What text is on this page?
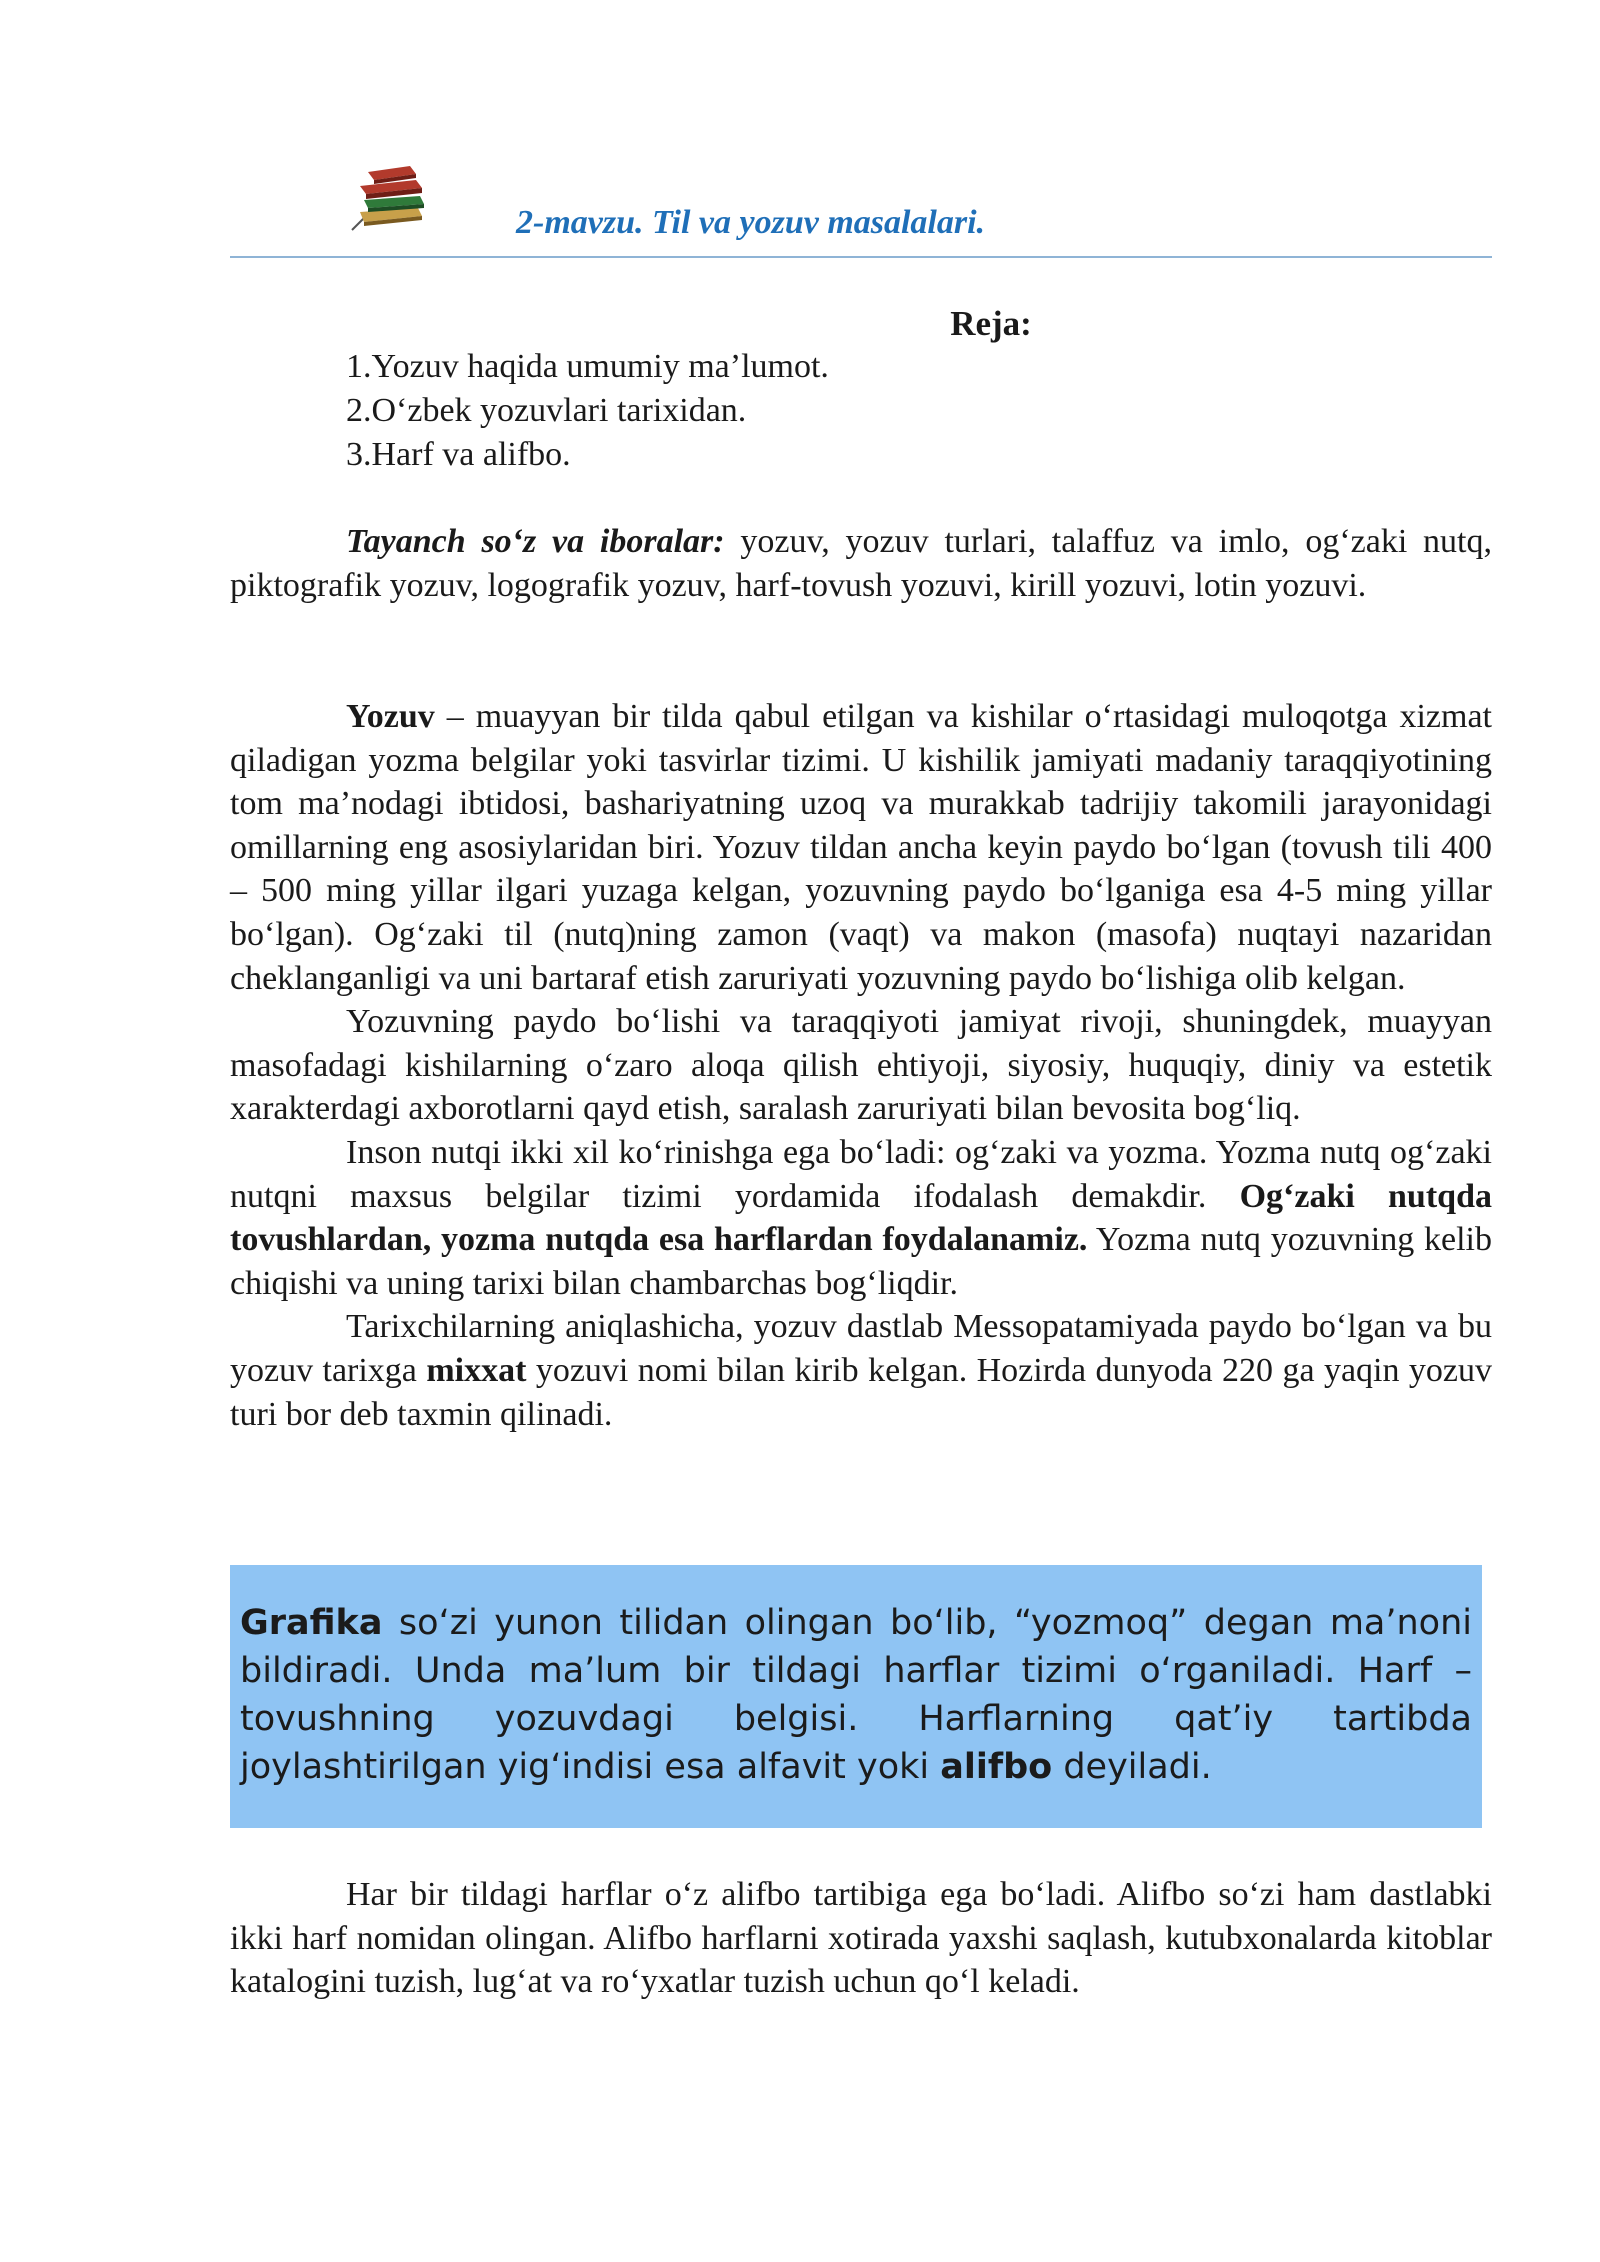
2-mavzu. Til va yozuv masalalari.
Reja:
1.Yozuv haqida umumiy ma’lumot.
2.O‘zbek yozuvlari tarixidan.
3.Harf va alifbo.

Tayanch so‘z va iboralar: yozuv, yozuv turlari, talaffuz va imlo, og‘zaki nutq, piktografik yozuv, logografik yozuv, harf-tovush yozuvi, kirill yozuvi, lotin yozuvi.

Yozuv – muayyan bir tilda qabul etilgan va kishilar o‘rtasidagi muloqotga xizmat qiladigan yozma belgilar yoki tasvirlar tizimi. U kishilik jamiyati madaniy taraqqiyotining tom ma’nodagi ibtidosi, bashariyatning uzoq va murakkab tadrijiy takomili jarayonidagi omillarning eng asosiylaridan biri. Yozuv tildan ancha keyin paydo bo‘lgan (tovush tili 400 – 500 ming yillar ilgari yuzaga kelgan, yozuvning paydo bo‘lganiga esa 4-5 ming yillar bo‘lgan). Og‘zaki til (nutq)ning zamon (vaqt) va makon (masofa) nuqtayi nazaridan cheklanganligi va uni bartaraf etish zaruriyati yozuvning paydo bo‘lishiga olib kelgan.

Yozuvning paydo bo‘lishi va taraqqiyoti jamiyat rivoji, shuningdek, muayyan masofadagi kishilarning o‘zaro aloqa qilish ehtiyoji, siyosiy, huquqiy, diniy va estetik xarakterdagi axborotlarni qayd etish, saralash zaruriyati bilan bevosita bog‘liq.

Inson nutqi ikki xil ko‘rinishga ega bo‘ladi: og‘zaki va yozma. Yozma nutq og‘zaki nutqni maxsus belgilar tizimi yordamida ifodalash demakdir. Og‘zaki nutqda tovushlardan, yozma nutqda esa harflardan foydalanamiz. Yozma nutq yozuvning kelib chiqishi va uning tarixi bilan chambarchas bog‘liqdir.

Tarixchilarning aniqlashicha, yozuv dastlab Messopatamiyada paydo bo‘lgan va bu yozuv tarixga mixxat yozuvi nomi bilan kirib kelgan. Hozirda dunyoda 220 ga yaqin yozuv turi bor deb taxmin qilinadi.

Grafika so‘zi yunon tilidan olingan bo‘lib, “yozmoq” degan ma’noni bildiradi. Unda ma’lum bir tildagi harflar tizimi o‘rganiladi. Harf – tovushning yozuvdagi belgisi. Harflarning qat’iy tartibda joylashtirilgan yig‘indisi esa alfavit yoki alifbo deyiladi.

Har bir tildagi harflar o‘z alifbo tartibiga ega bo‘ladi. Alifbo so‘zi ham dastlabki ikki harf nomidan olingan. Alifbo harflarni xotirada yaxshi saqlash, kutubxonalarda kitoblar katalogini tuzish, lug‘at va ro‘yxatlar tuzish uchun qo‘l keladi.
